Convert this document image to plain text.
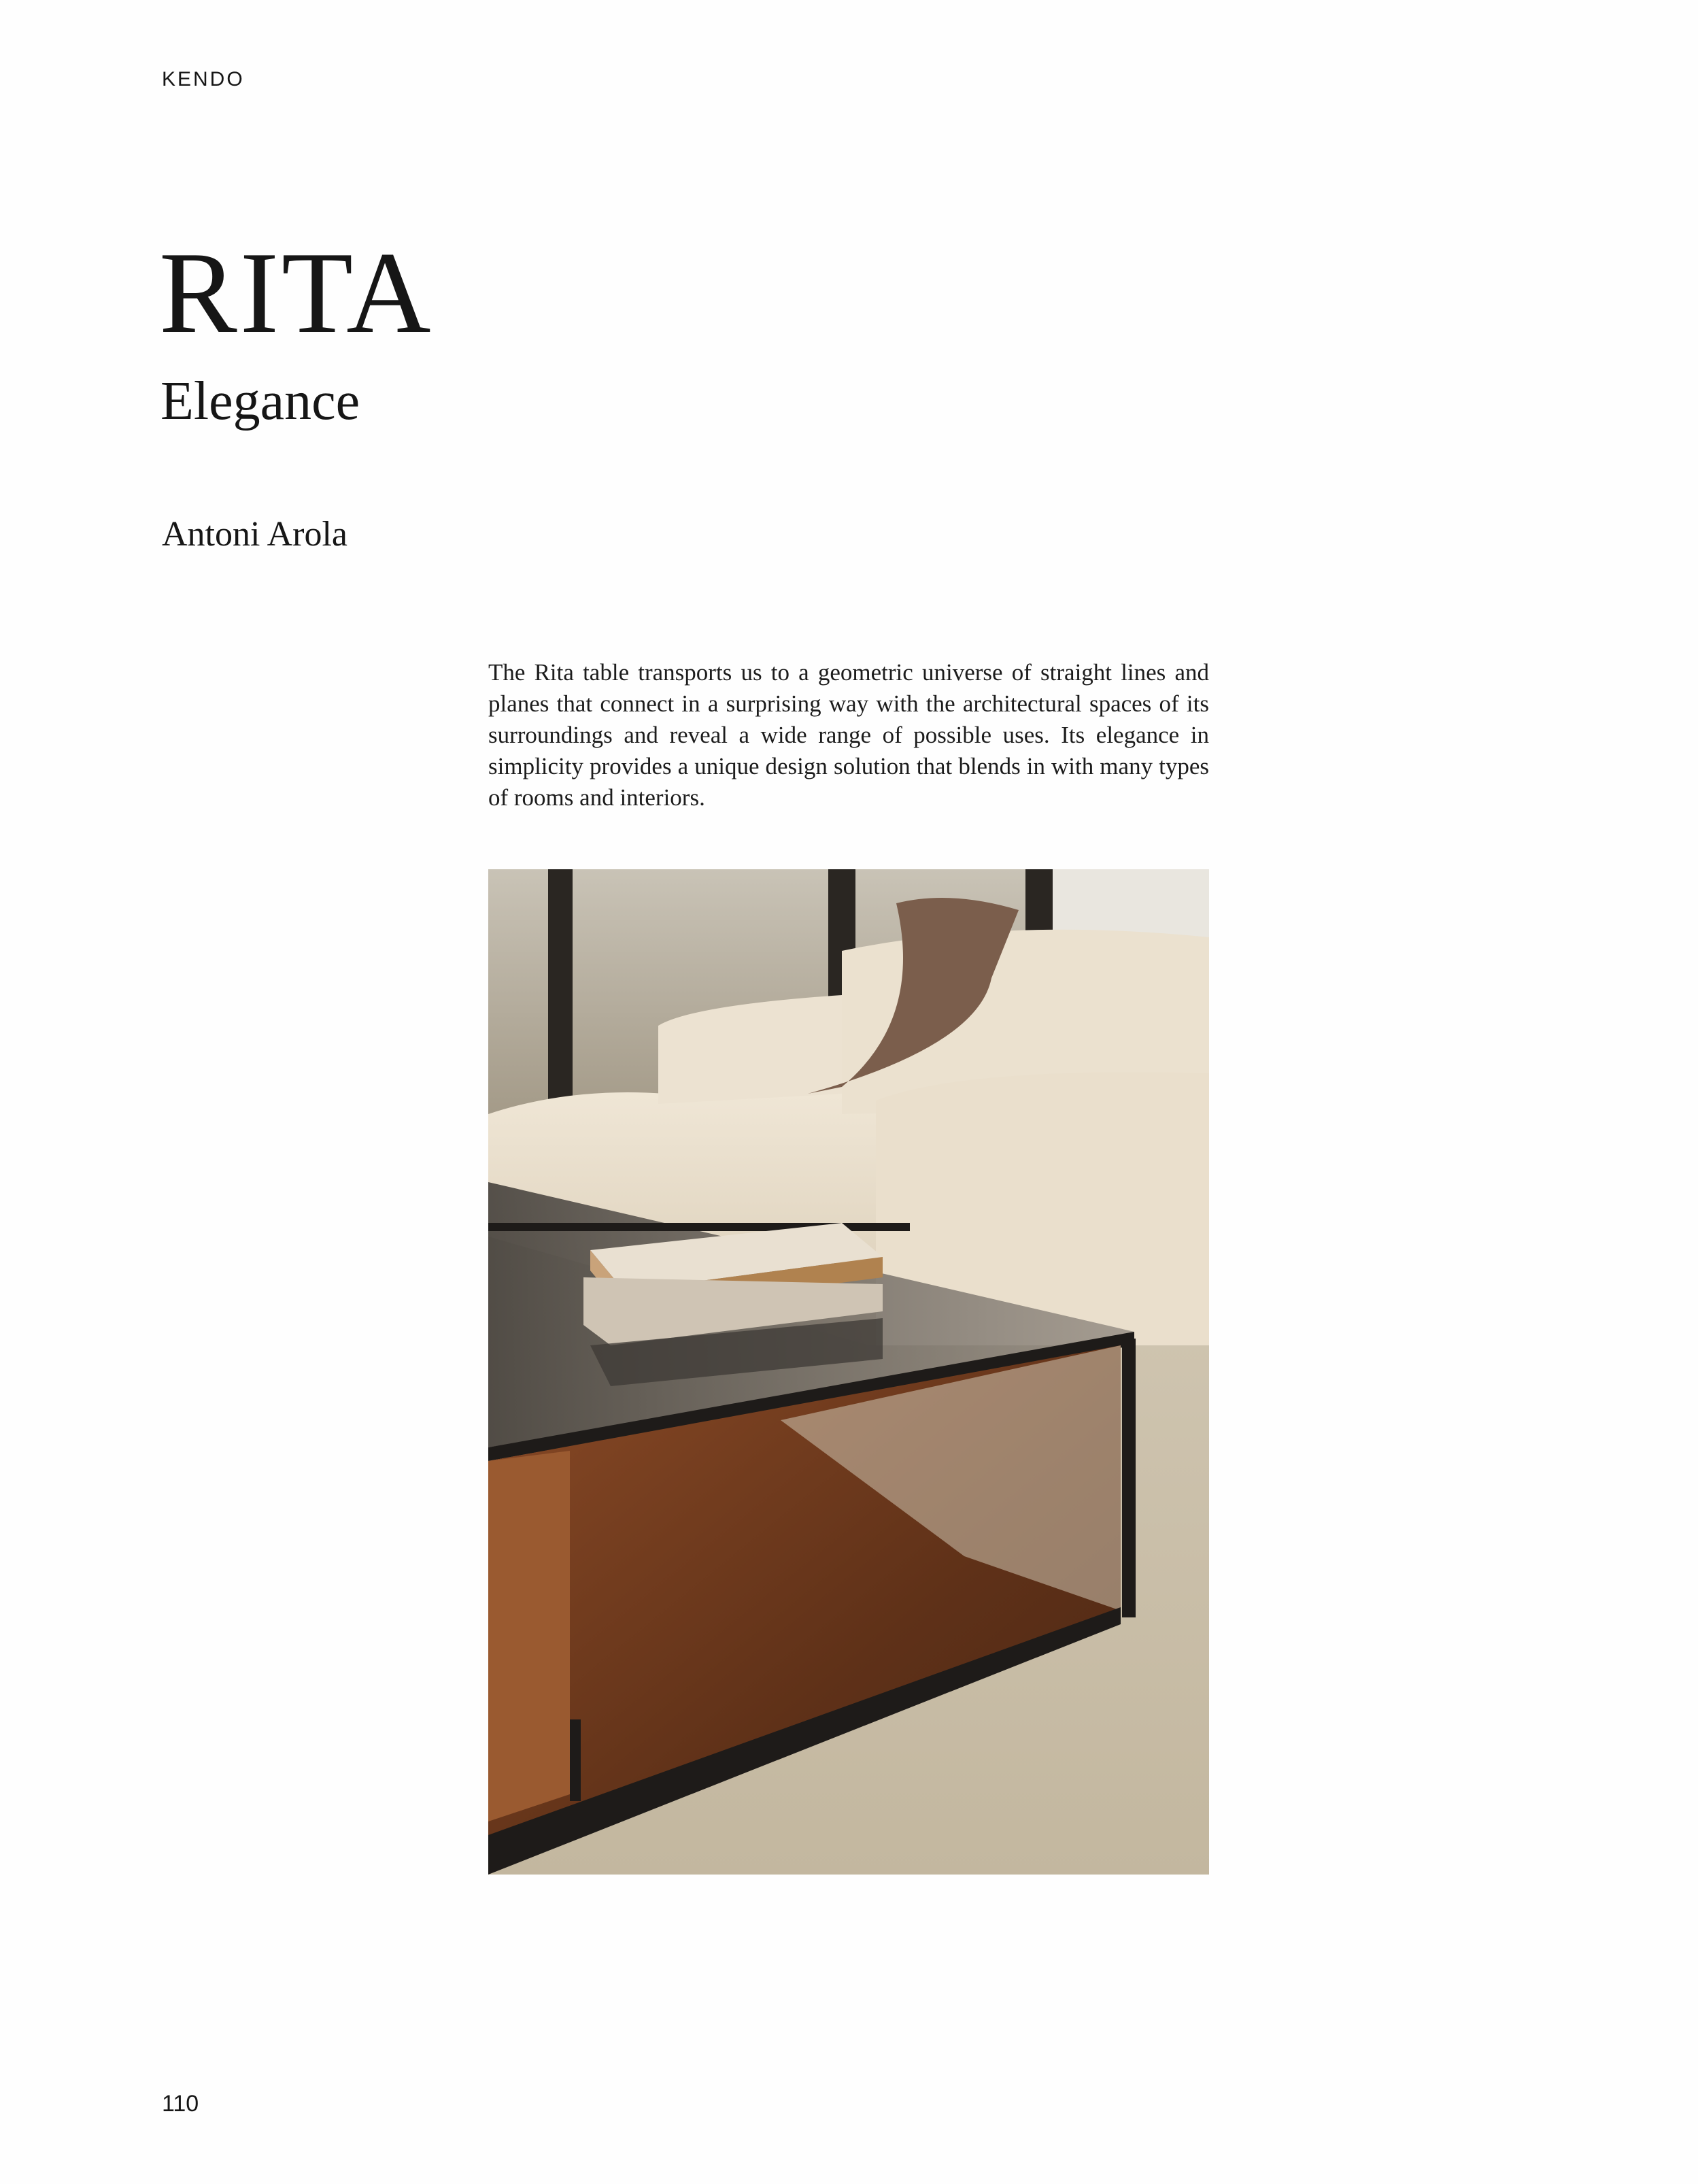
KENDO
RITA
Elegance
Antoni Arola

The Rita table transports us to a geometric universe of straight lines and planes that connect in a surprising way with the architectural spaces of its surroundings and reveal a wide range of possible uses. Its elegance in simplicity provides a unique design solution that blends in with many types of rooms and interiors.

110
